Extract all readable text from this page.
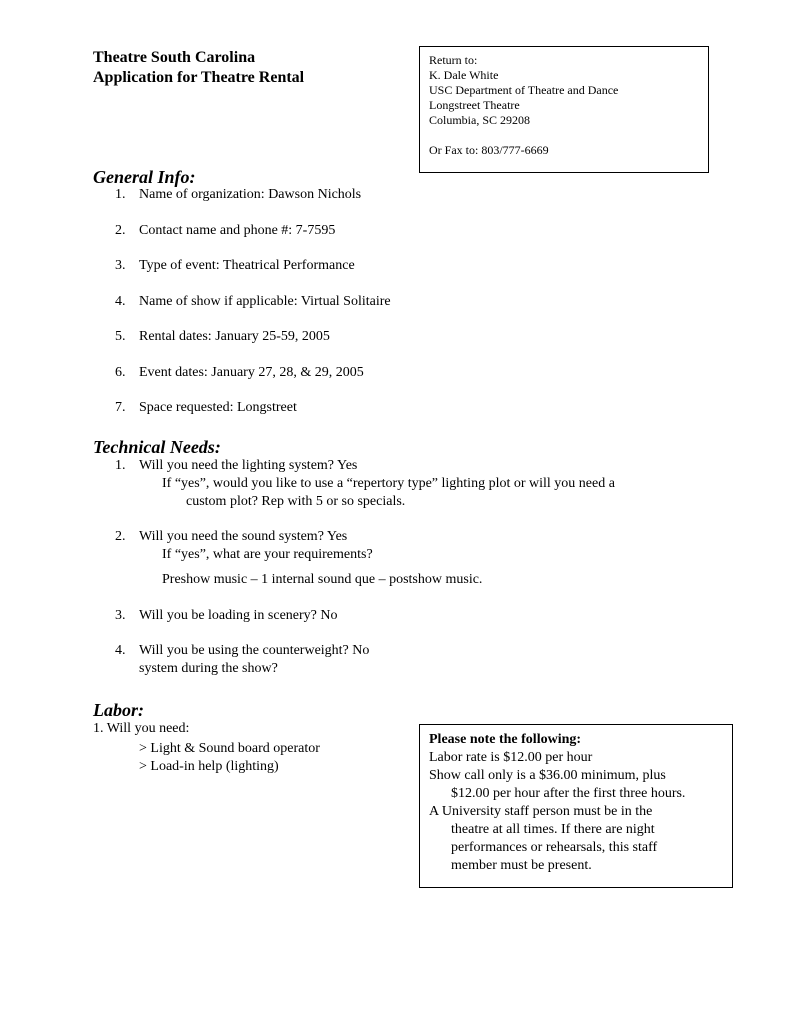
Theatre South Carolina
Application for Theatre Rental
Return to:
K. Dale White
USC Department of Theatre and Dance
Longstreet Theatre
Columbia, SC 29208
Or Fax to: 803/777-6669
General Info:
1. Name of organization: Dawson Nichols
2. Contact name and phone #: 7-7595
3. Type of event: Theatrical Performance
4. Name of show if applicable: Virtual Solitaire
5. Rental dates: January 25-59, 2005
6. Event dates: January 27, 28, & 29, 2005
7. Space requested: Longstreet
Technical Needs:
1. Will you need the lighting system? Yes
If “yes”, would you like to use a “repertory type” lighting plot or will you need a
custom plot? Rep with 5 or so specials.
2. Will you need the sound system? Yes
If “yes”, what are your requirements?
Preshow music – 1 internal sound que – postshow music.
3. Will you be loading in scenery? No
4. Will you be using the counterweight? No
system during the show?
Labor:
1. Will you need:
> Light & Sound board operator
> Load-in help (lighting)
Please note the following:
Labor rate is $12.00 per hour
Show call only is a $36.00 minimum, plus
$12.00 per hour after the first three hours.
A University staff person must be in the
theatre at all times. If there are night
performances or rehearsals, this staff
member must be present.
